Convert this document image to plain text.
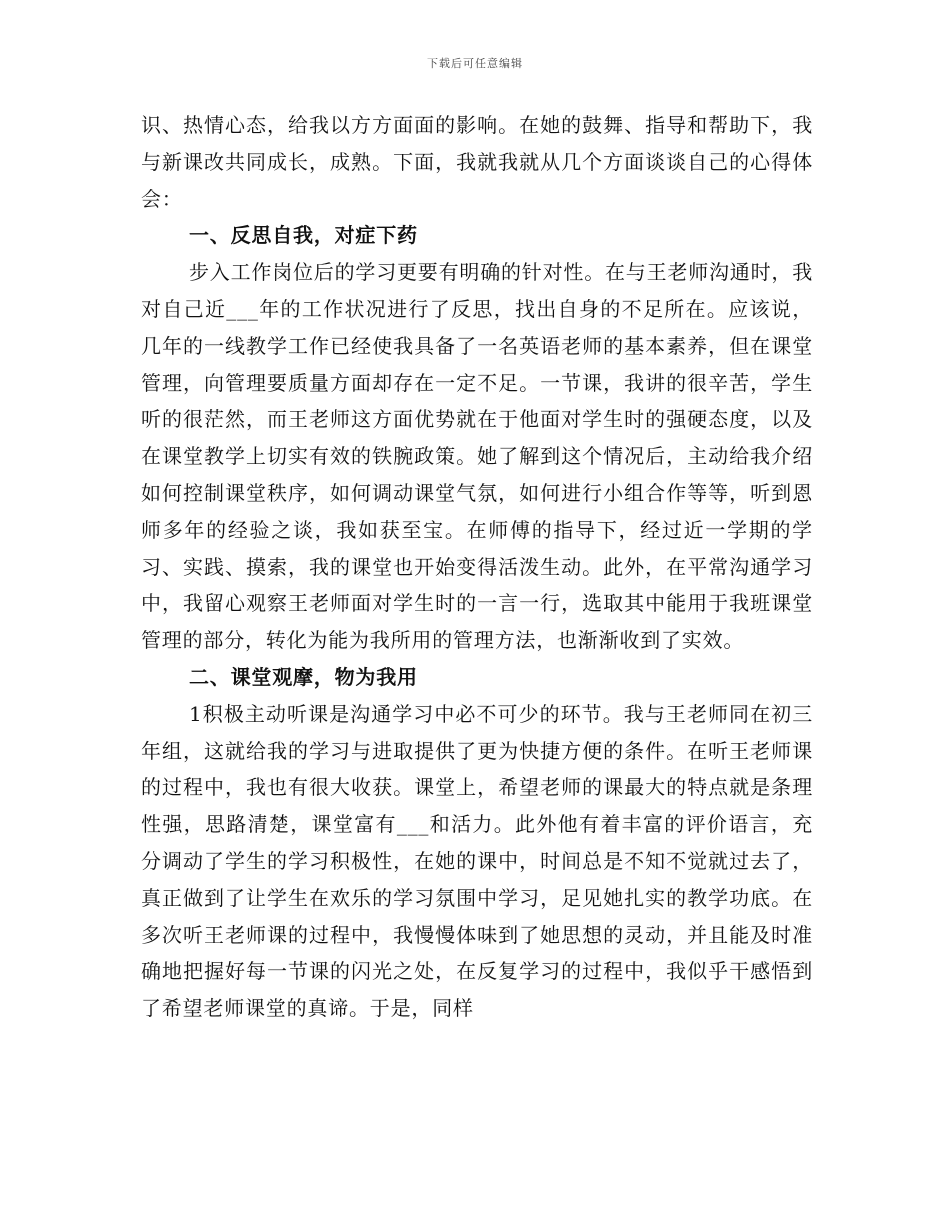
下载后可任意编辑

识、热情心态，给我以方方面面的影响。在她的鼓舞、指导和帮助下，我与新课改共同成长，成熟。下面，我就我就从几个方面谈谈自己的心得体会：

一、反思自我，对症下药

步入工作岗位后的学习更要有明确的针对性。在与王老师沟通时，我对自己近___年的工作状况进行了反思，找出自身的不足所在。应该说，几年的一线教学工作已经使我具备了一名英语老师的基本素养，但在课堂管理，向管理要质量方面却存在一定不足。一节课，我讲的很辛苦，学生听的很茫然，而王老师这方面优势就在于他面对学生时的强硬态度，以及在课堂教学上切实有效的铁腕政策。她了解到这个情况后，主动给我介绍如何控制课堂秩序，如何调动课堂气氛，如何进行小组合作等等，听到恩师多年的经验之谈，我如获至宝。在师傅的指导下，经过近一学期的学习、实践、摸索，我的课堂也开始变得活泼生动。此外，在平常沟通学习中，我留心观察王老师面对学生时的一言一行，选取其中能用于我班课堂管理的部分，转化为能为我所用的管理方法，也渐渐收到了实效。

二、课堂观摩，物为我用

1积极主动听课是沟通学习中必不可少的环节。我与王老师同在初三年组，这就给我的学习与进取提供了更为快捷方便的条件。在听王老师课的过程中，我也有很大收获。课堂上，希望老师的课最大的特点就是条理性强，思路清楚，课堂富有___和活力。此外他有着丰富的评价语言，充分调动了学生的学习积极性，在她的课中，时间总是不知不觉就过去了，真正做到了让学生在欢乐的学习氛围中学习，足见她扎实的教学功底。在多次听王老师课的过程中，我慢慢体味到了她思想的灵动，并且能及时准确地把握好每一节课的闪光之处，在反复学习的过程中，我似乎干感悟到了希望老师课堂的真谛。于是，同样
